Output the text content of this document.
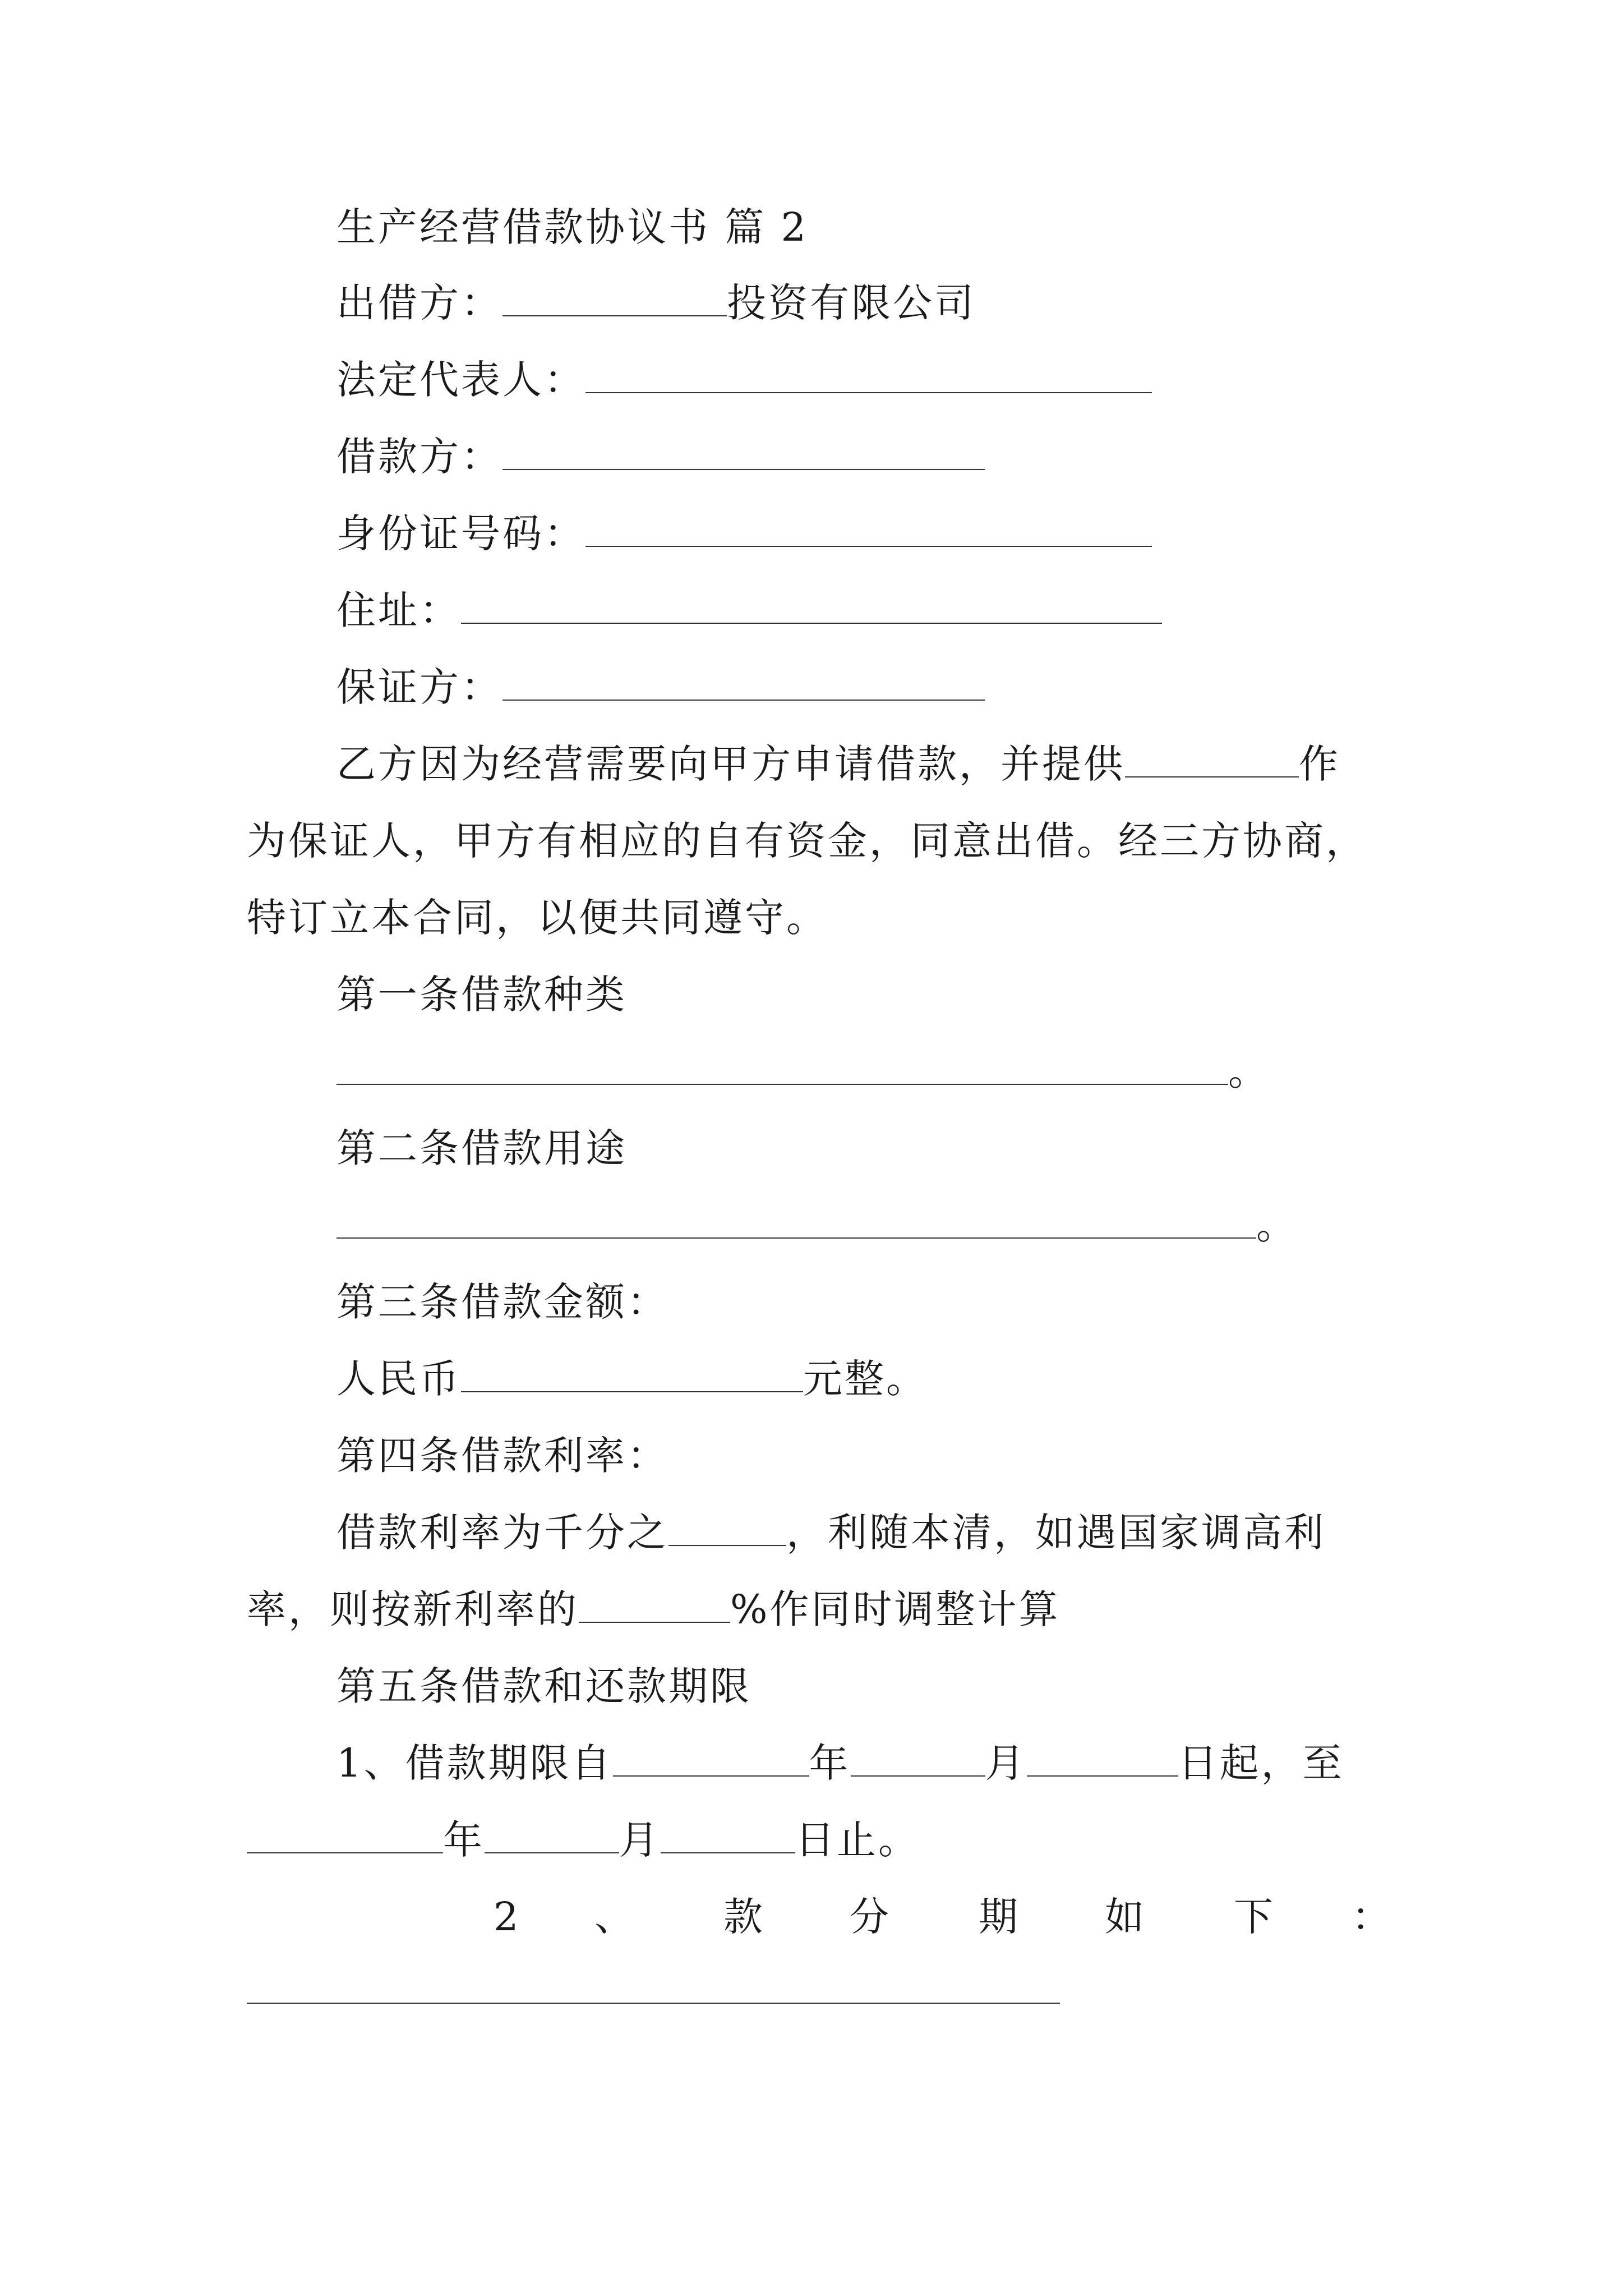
生产经营借款协议书 篇 2
出借方：	投资有限公司
法定代表人：
借款方：
身份证号码：
住址：
保证方：
乙方因为经营需要向甲方申请借款，并提供	作
为保证人，甲方有相应的自有资金，同意出借。经三方协商，
特订立本合同，以便共同遵守。
第一条借款种类
。
第二条借款用途
。
第三条借款金额：
人民币	元整。
第四条借款利率：
借款利率为千分之	，利随本清，如遇国家调高利
率，则按新利率的	%作同时调整计算
第五条借款和还款期限
1、借款期限自	年	月	日起，至
年	月	日止。
2 、 款 分 期 如 下 ：
